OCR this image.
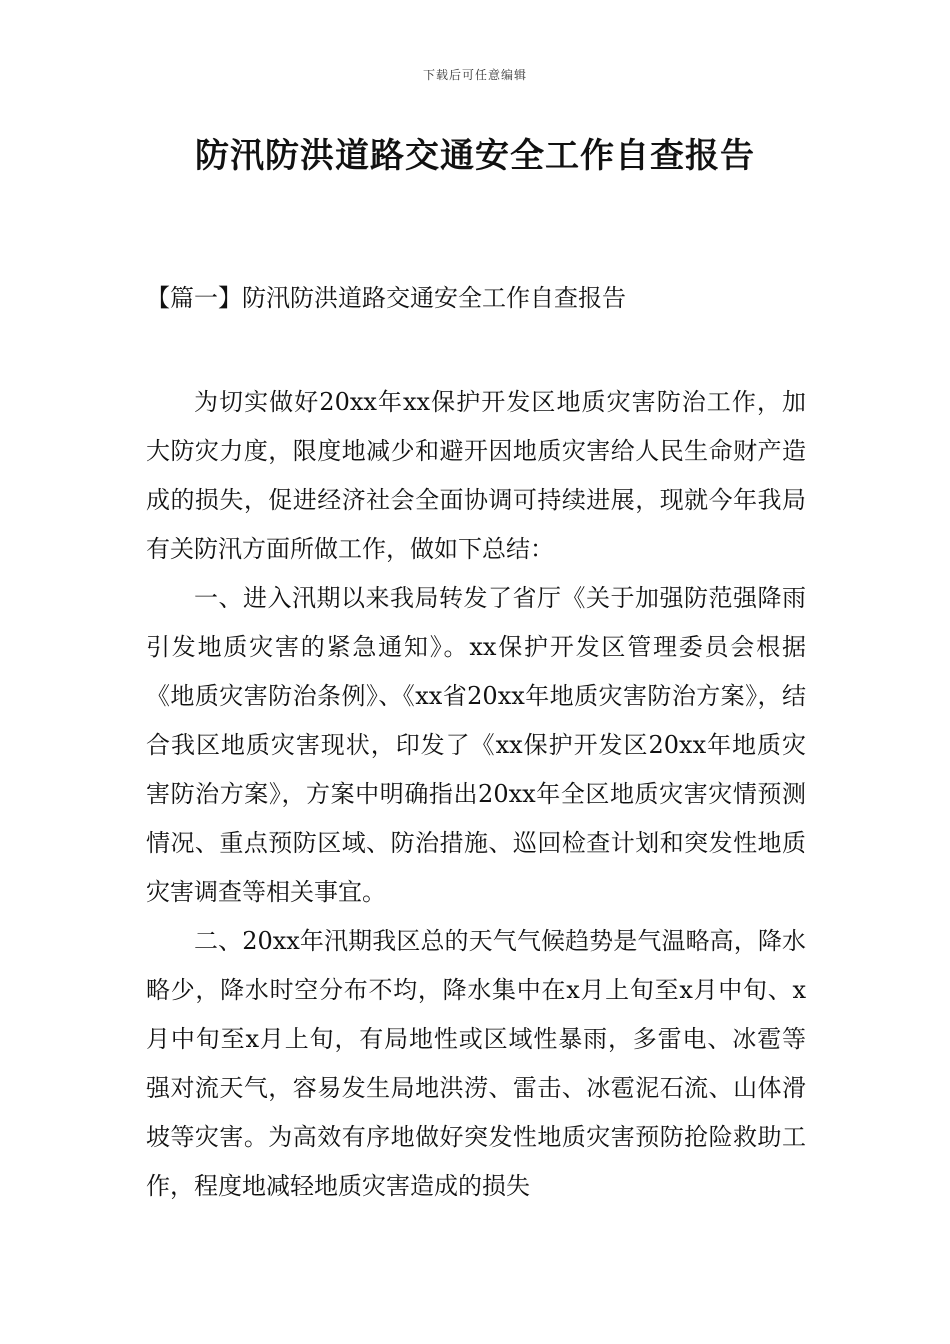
下载后可任意编辑
防汛防洪道路交通安全工作自查报告
【篇一】防汛防洪道路交通安全工作自查报告

为切实做好20xx年xx保护开发区地质灾害防治工作，加大防灾力度，限度地减少和避开因地质灾害给人民生命财产造成的损失，促进经济社会全面协调可持续进展，现就今年我局有关防汛方面所做工作，做如下总结：

一、进入汛期以来我局转发了省厅《关于加强防范强降雨引发地质灾害的紧急通知》。xx保护开发区管理委员会根据《地质灾害防治条例》、《xx省20xx年地质灾害防治方案》，结合我区地质灾害现状，印发了《xx保护开发区20xx年地质灾害防治方案》，方案中明确指出20xx年全区地质灾害灾情预测情况、重点预防区域、防治措施、巡回检查计划和突发性地质灾害调查等相关事宜。

二、20xx年汛期我区总的天气气候趋势是气温略高，降水略少，降水时空分布不均，降水集中在x月上旬至x月中旬、x月中旬至x月上旬，有局地性或区域性暴雨，多雷电、冰雹等强对流天气，容易发生局地洪涝、雷击、冰雹泥石流、山体滑坡等灾害。为高效有序地做好突发性地质灾害预防抢险救助工作，程度地减轻地质灾害造成的损失
